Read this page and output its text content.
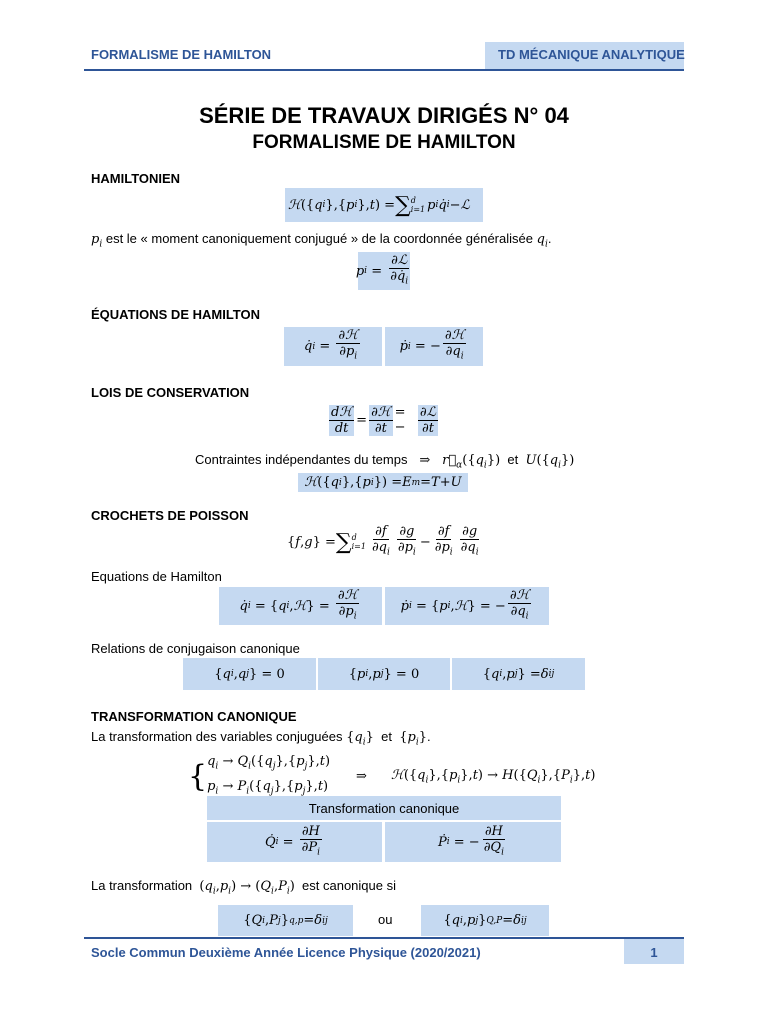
FORMALISME DE HAMILTON	TD MÉCANIQUE ANALYTIQUE
SÉRIE DE TRAVAUX DIRIGÉS N° 04
FORMALISME DE HAMILTON
HAMILTONIEN
ℋ ({ q i },{ p i }, t ) = ∑ d
i=1 p i q̇ i − ℒ
$p_i$ est le « moment canoniquement conjugué » de la coordonnée généralisée $q_i$.
p $i = \frac{\text{∂ℒ}}{\partial q̇_i}$
ÉQUATIONS DE HAMILTON
q̇ $i = \frac{\text{∂ℋ}}{\partial p_i}$	ṗ i = − $\frac{\text{∂ℋ}}{\partial q_i}$
LOIS DE CONSERVATION
$\frac{\text{dℋ}}{dt} = \frac{\text{∂ℋ}}{\partial t}$ = − $\frac{\text{∂ℒ}}{\partial t}$
Contraintes indépendantes du temps   ⇒   $r⃗_\alpha(\{q_i\})$ et $U(\{q_i\})$
ℋ ({ q i },{ p i }) = E m = T + U
CROCHETS DE POISSON
{ f , g } = ∑ d
$i=1 \frac{\partial f}{\partial q_i} \frac{\partial g}{\partial p_i} - \frac{\partial f}{\partial p_i} \frac{\partial g}{\partial q_i}$
Equations de Hamilton
q̇ i = { q i , ℋ } = $\frac{\text{∂ℋ}}{\partial p_i}$	ṗ i = { p i , ℋ } = − $\frac{\text{∂ℋ}}{\partial q_i}$
Relations de conjugaison canonique
{ q i , q j } = 0	{ p i , p j } = 0	{ q i , p j } = δ ij
TRANSFORMATION CANONIQUE
La transformation des variables conjuguées $\{q_i\}$ et $\{p_i\}$.
{ $q_i \to Q_i(\{q_j\},\{p_j\},t)$
$p_i \to P_i(\{q_j\},\{p_j\},t)$
⇒ $ℋ(\{q_i\},\{p_i\},t) \to H(\{Q_i\},\{P_i\},t)$
Transformation canonique
Q̇ $i = \frac{\partial H}{\partial P_i}$	Ṗ i = − $\frac{\partial H}{\partial Q_i}$
La transformation $(q_i,p_i) \to (Q_i,P_i)$ est canonique si
{ Q i , P j } q,p = δ ij	ou	{ q i , p j } Q,P = δ ij
Socle Commun Deuxième Année Licence Physique (2020/2021)	1
